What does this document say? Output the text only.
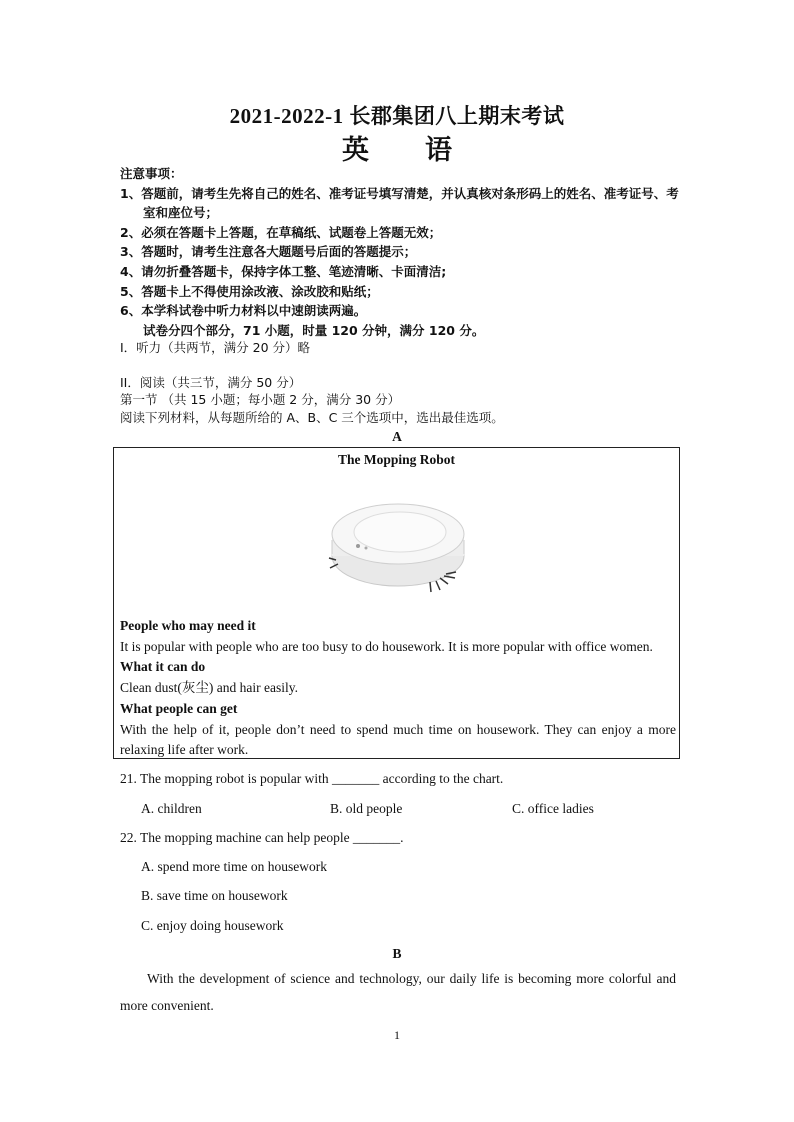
2021-2022-1 长郡集团八上期末考试
英 语
注意事项：
1、答题前，请考生先将自己的姓名、准考证号填写清楚，并认真核对条形码上的姓名、准考证号、考室和座位号；
2、必须在答题卡上答题，在草稿纸、试题卷上答题无效；
3、答题时，请考生注意各大题题号后面的答题提示；
4、请勿折叠答题卡，保持字体工整、笔迹清晰、卡面清洁;
5、答题卡上不得使用涂改液、涂改胶和贴纸；
6、本学科试卷中听力材料以中速朗读两遍。
试卷分四个部分，71 小题，时量 120 分钟，满分 120 分。
I．听力（共两节，满分 20 分）略
II．阅读（共三节，满分 50 分）
第一节 （共 15 小题；每小题 2 分，满分 30 分）
阅读下列材料，从每题所给的 A、B、C 三个选项中，选出最佳选项。
A
The Mopping Robot
People who may need it
It is popular with people who are too busy to do housework. It is more popular with office women.
What it can do
Clean dust(灰尘) and hair easily.
What people can get
With the help of it, people don’t need to spend much time on housework. They can enjoy a more relaxing life after work.
21. The mopping robot is popular with _______ according to the chart.
A. children	B. old people	C. office ladies
22. The mopping machine can help people _______.
A. spend more time on housework
B. save time on housework
C. enjoy doing housework
B
With the development of science and technology, our daily life is becoming more colorful and more convenient.
1
